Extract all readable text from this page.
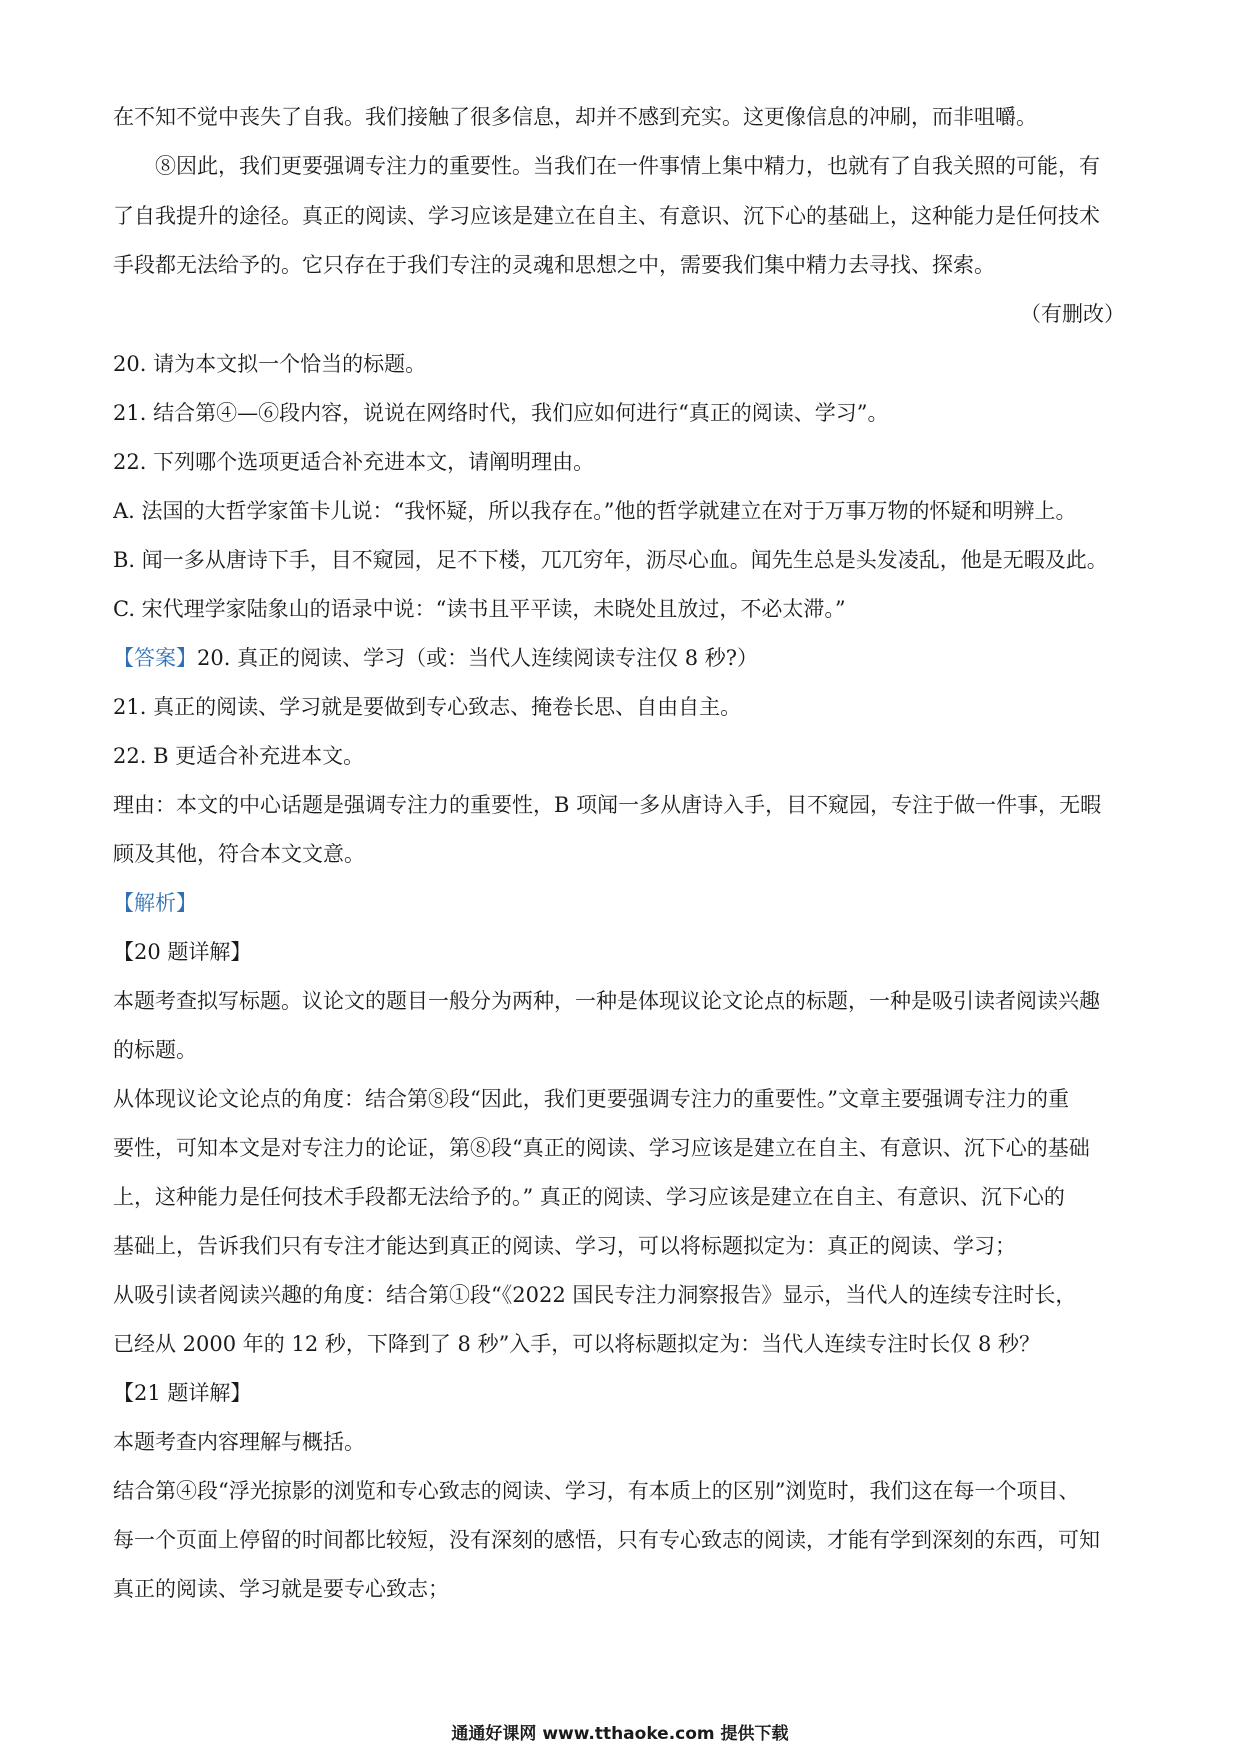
在不知不觉中丧失了自我。我们接触了很多信息，却并不感到充实。这更像信息的冲刷，而非咀嚼。
⑧因此，我们更要强调专注力的重要性。当我们在一件事情上集中精力，也就有了自我关照的可能，有
了自我提升的途径。真正的阅读、学习应该是建立在自主、有意识、沉下心的基础上，这种能力是任何技术
手段都无法给予的。它只存在于我们专注的灵魂和思想之中，需要我们集中精力去寻找、探索。
（有删改）
20. 请为本文拟一个恰当的标题。
21. 结合第④—⑥段内容，说说在网络时代，我们应如何进行“真正的阅读、学习”。
22. 下列哪个选项更适合补充进本文，请阐明理由。
A. 法国的大哲学家笛卡儿说：“我怀疑，所以我存在。”他的哲学就建立在对于万事万物的怀疑和明辨上。
B. 闻一多从唐诗下手，目不窥园，足不下楼，兀兀穷年，沥尽心血。闻先生总是头发凌乱，他是无暇及此。
C. 宋代理学家陆象山的语录中说：“读书且平平读，未晓处且放过，不必太滞。”
【答案】20. 真正的阅读、学习（或：当代人连续阅读专注仅 8 秒?）
21. 真正的阅读、学习就是要做到专心致志、掩卷长思、自由自主。
22. B 更适合补充进本文。
理由：本文的中心话题是强调专注力的重要性，B 项闻一多从唐诗入手，目不窥园，专注于做一件事，无暇
顾及其他，符合本文文意。
【解析】
【20 题详解】
本题考查拟写标题。议论文的题目一般分为两种，一种是体现议论文论点的标题，一种是吸引读者阅读兴趣
的标题。
从体现议论文论点的角度：结合第⑧段“因此，我们更要强调专注力的重要性。”文章主要强调专注力的重
要性，可知本文是对专注力的论证，第⑧段“真正的阅读、学习应该是建立在自主、有意识、沉下心的基础
上，这种能力是任何技术手段都无法给予的。” 真正的阅读、学习应该是建立在自主、有意识、沉下心的
基础上，告诉我们只有专注才能达到真正的阅读、学习，可以将标题拟定为：真正的阅读、学习；
从吸引读者阅读兴趣的角度：结合第①段“《2022 国民专注力洞察报告》显示，当代人的连续专注时长，
已经从 2000 年的 12 秒，下降到了 8 秒”入手，可以将标题拟定为：当代人连续专注时长仅 8 秒？
【21 题详解】
本题考查内容理解与概括。
结合第④段“浮光掠影的浏览和专心致志的阅读、学习，有本质上的区别”浏览时，我们这在每一个项目、
每一个页面上停留的时间都比较短，没有深刻的感悟，只有专心致志的阅读，才能有学到深刻的东西，可知
真正的阅读、学习就是要专心致志；
通通好课网 www.tthaoke.com 提供下载
